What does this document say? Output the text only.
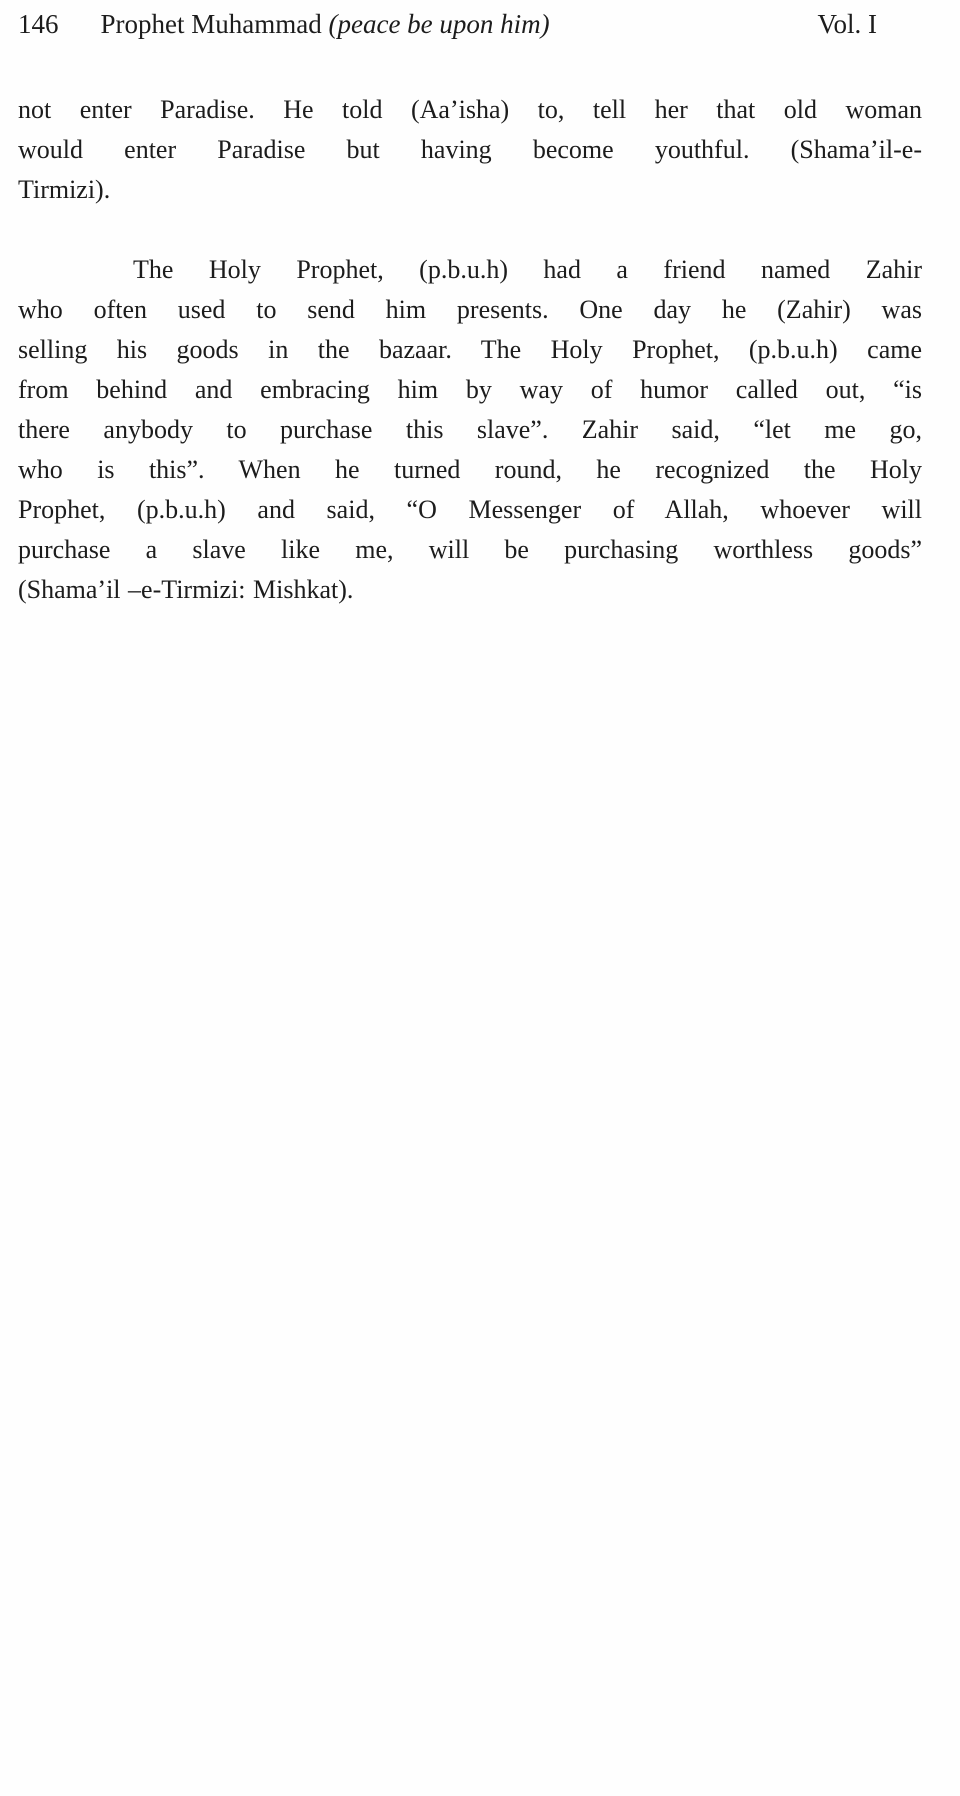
146 Prophet Muhammad (peace be upon him)	Vol. I
not enter Paradise. He told (Aa’isha) to, tell her that old woman
would enter Paradise but having become youthful. (Shama’il-e-
Tirmizi).
The Holy Prophet, (p.b.u.h) had a friend named Zahir
who often used to send him presents. One day he (Zahir) was
selling his goods in the bazaar. The Holy Prophet, (p.b.u.h) came
from behind and embracing him by way of humor called out, “is
there anybody to purchase this slave”. Zahir said, “let me go,
who is this”. When he turned round, he recognized the Holy
Prophet, (p.b.u.h) and said, “O Messenger of Allah, whoever will
purchase a slave like me, will be purchasing worthless goods”
(Shama’il –e-Tirmizi: Mishkat).
